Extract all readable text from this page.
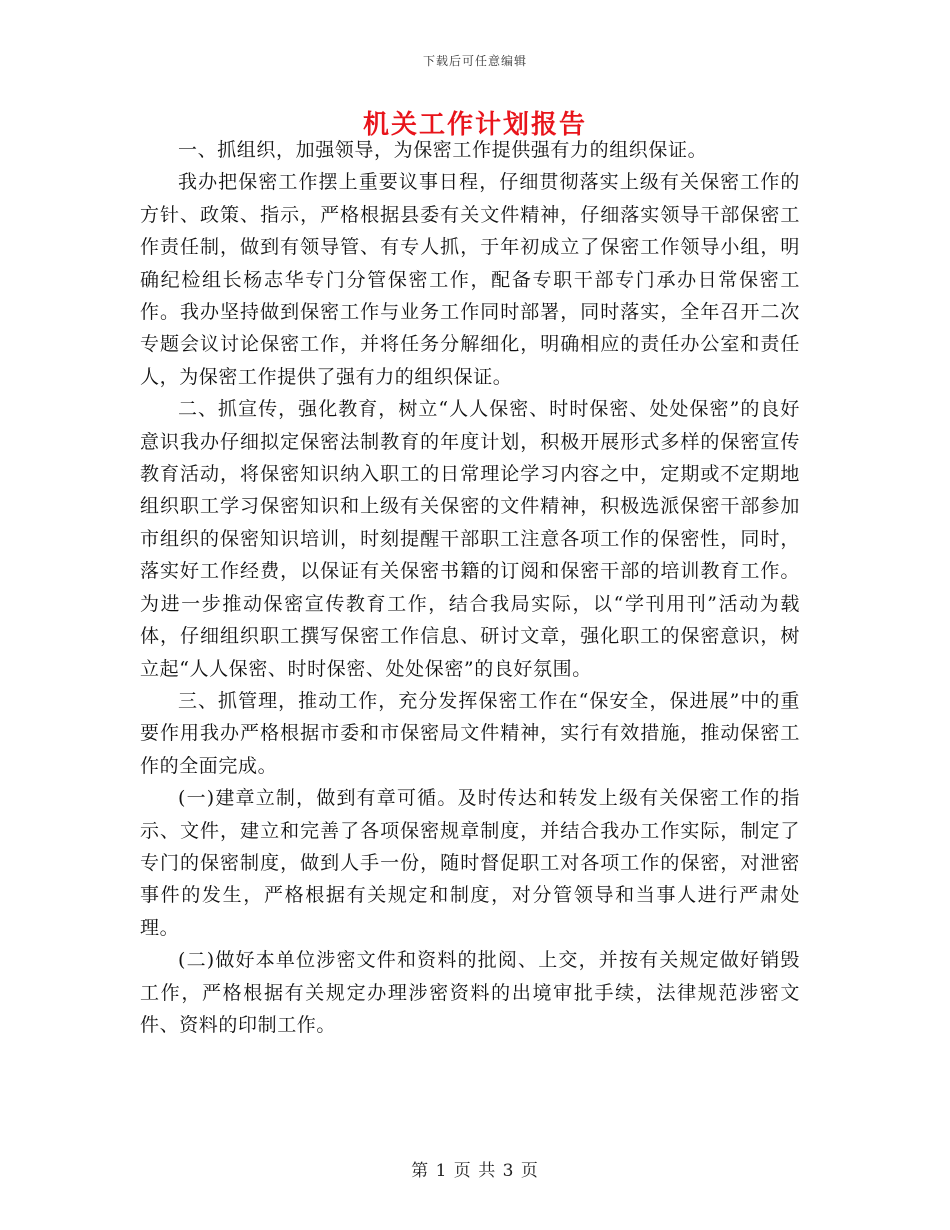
下载后可任意编辑
机关工作计划报告

一、抓组织，加强领导，为保密工作提供强有力的组织保证。

我办把保密工作摆上重要议事日程，仔细贯彻落实上级有关保密工作的方针、政策、指示，严格根据县委有关文件精神，仔细落实领导干部保密工作责任制，做到有领导管、有专人抓，于年初成立了保密工作领导小组，明确纪检组长杨志华专门分管保密工作，配备专职干部专门承办日常保密工作。我办坚持做到保密工作与业务工作同时部署，同时落实，全年召开二次专题会议讨论保密工作，并将任务分解细化，明确相应的责任办公室和责任人，为保密工作提供了强有力的组织保证。

二、抓宣传，强化教育，树立“人人保密、时时保密、处处保密”的良好意识我办仔细拟定保密法制教育的年度计划，积极开展形式多样的保密宣传教育活动，将保密知识纳入职工的日常理论学习内容之中，定期或不定期地组织职工学习保密知识和上级有关保密的文件精神，积极选派保密干部参加市组织的保密知识培训，时刻提醒干部职工注意各项工作的保密性，同时，落实好工作经费，以保证有关保密书籍的订阅和保密干部的培训教育工作。为进一步推动保密宣传教育工作，结合我局实际，以“学刊用刊”活动为载体，仔细组织职工撰写保密工作信息、研讨文章，强化职工的保密意识，树立起“人人保密、时时保密、处处保密”的良好氛围。

三、抓管理，推动工作，充分发挥保密工作在“保安全，保进展”中的重要作用我办严格根据市委和市保密局文件精神，实行有效措施，推动保密工作的全面完成。

(一)建章立制，做到有章可循。及时传达和转发上级有关保密工作的指示、文件，建立和完善了各项保密规章制度，并结合我办工作实际，制定了专门的保密制度，做到人手一份，随时督促职工对各项工作的保密，对泄密事件的发生，严格根据有关规定和制度，对分管领导和当事人进行严肃处理。

(二)做好本单位涉密文件和资料的批阅、上交，并按有关规定做好销毁工作，严格根据有关规定办理涉密资料的出境审批手续，法律规范涉密文件、资料的印制工作。

第 1 页 共 3 页
